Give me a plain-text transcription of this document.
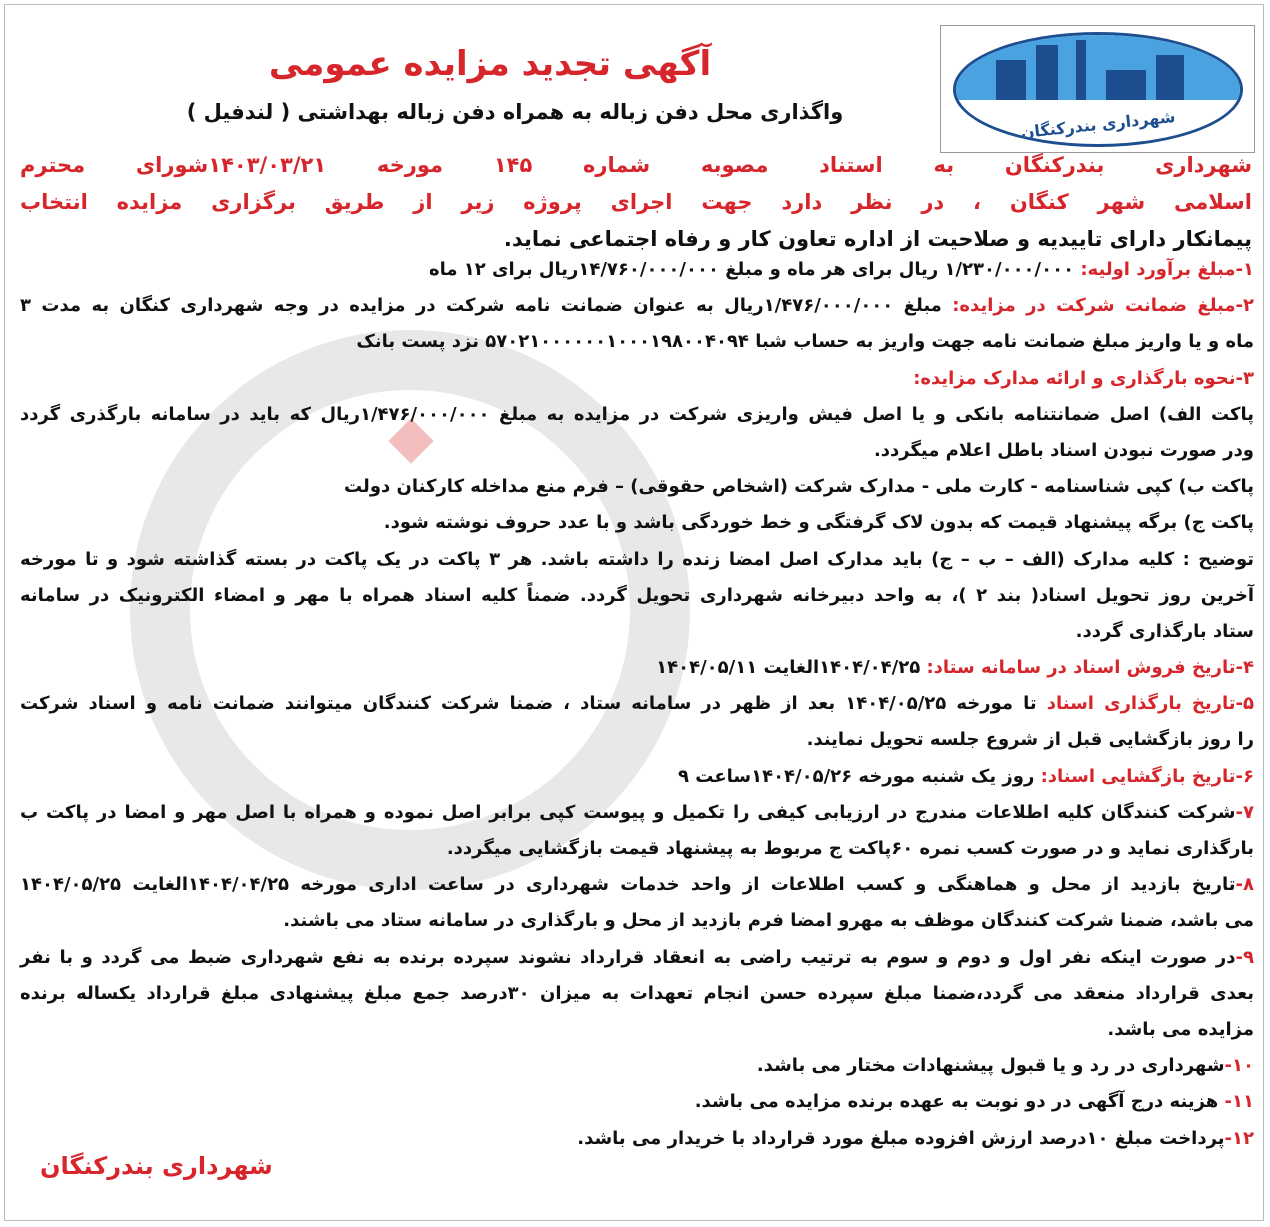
شهرداری بندرکنگان
آگهی تجدید مزایده عمومی
واگذاری محل دفن زباله به همراه دفن زباله بهداشتی ( لندفیل )
شهرداری بندرکنگان به استناد مصوبه شماره ۱۴۵ مورخه ۱۴۰۳/۰۳/۲۱شورای محترم
اسلامی شهر کنگان ، در نظر دارد جهت اجرای پروژه زیر از طریق برگزاری مزایده انتخاب
پیمانکار دارای تاییدیه و صلاحیت از اداره تعاون کار و رفاه اجتماعی نماید.
۱-مبلغ برآورد اولیه: ۱/۲۳۰/۰۰۰/۰۰۰ ریال برای هر ماه و مبلغ ۱۴/۷۶۰/۰۰۰/۰۰۰ریال برای ۱۲ ماه
۲-مبلغ ضمانت شرکت در مزایده: مبلغ ۱/۴۷۶/۰۰۰/۰۰۰ریال به عنوان ضمانت نامه شرکت در مزایده در وجه شهرداری کنگان به مدت ۳
ماه و یا واریز مبلغ ضمانت نامه جهت واریز به حساب شبا ۵۷۰۲۱۰۰۰۰۰۰۱۰۰۰۱۹۸۰۰۴۰۹۴ نزد پست بانک
۳-نحوه بارگذاری و ارائه مدارک مزایده:
پاکت الف) اصل ضمانتنامه بانکی و یا اصل فیش واریزی شرکت در مزایده به مبلغ ۱/۴۷۶/۰۰۰/۰۰۰ریال که باید در سامانه بارگذری گردد
ودر صورت نبودن اسناد باطل اعلام میگردد.
پاکت ب) کپی شناسنامه - کارت ملی - مدارک شرکت (اشخاص حقوقی) – فرم منع مداخله کارکنان دولت
پاکت ج) برگه پیشنهاد قیمت که بدون لاک گرفتگی و خط خوردگی باشد و با عدد حروف نوشته شود.
توضیح : کلیه مدارک (الف – ب – ج) باید مدارک اصل امضا زنده را داشته باشد. هر ۳ پاکت در یک پاکت در بسته گذاشته شود و تا مورخه
آخرین روز تحویل اسناد( بند ۲ )، به واحد دبیرخانه شهرداری تحویل گردد. ضمناً کلیه اسناد همراه با مهر و امضاء الکترونیک در سامانه
ستاد بارگذاری گردد.
۴-تاریخ فروش اسناد در سامانه ستاد: ۱۴۰۴/۰۴/۲۵الغایت ۱۴۰۴/۰۵/۱۱
۵-تاریخ بارگذاری اسناد تا مورخه ۱۴۰۴/۰۵/۲۵ بعد از ظهر در سامانه ستاد ، ضمنا شرکت کنندگان میتوانند ضمانت نامه و اسناد شرکت
را روز بازگشایی قبل از شروع جلسه تحویل نمایند.
۶-تاریخ بازگشایی اسناد: روز یک شنبه مورخه ۱۴۰۴/۰۵/۲۶ساعت ۹
۷-شرکت کنندگان کلیه اطلاعات مندرج در ارزیابی کیفی را تکمیل و پیوست کپی برابر اصل نموده و همراه با اصل مهر و امضا در پاکت ب
بارگذاری نماید و در صورت کسب نمره ۶۰پاکت ج مربوط به پیشنهاد قیمت بازگشایی میگردد.
۸-تاریخ بازدید از محل و هماهنگی و کسب اطلاعات از واحد خدمات شهرداری در ساعت اداری مورخه ۱۴۰۴/۰۴/۲۵الغایت ۱۴۰۴/۰۵/۲۵
می باشد، ضمنا شرکت کنندگان موظف به مهرو امضا فرم بازدید از محل و بارگذاری در سامانه ستاد می باشند.
۹-در صورت اینکه نفر اول و دوم و سوم به ترتیب راضی به انعقاد قرارداد نشوند سپرده برنده به نفع شهرداری ضبط می گردد و با نفر
بعدی قرارداد منعقد می گردد،ضمنا مبلغ سپرده حسن انجام تعهدات به میزان ۳۰درصد جمع مبلغ پیشنهادی مبلغ قرارداد یکساله برنده
مزایده می باشد.
۱۰-شهرداری در رد و یا قبول پیشنهادات مختار می باشد.
۱۱- هزینه درج آگهی در دو نوبت به عهده برنده مزایده می باشد.
۱۲-پرداخت مبلغ ۱۰درصد ارزش افزوده مبلغ مورد قرارداد با خریدار می باشد.
شهرداری بندرکنگان
